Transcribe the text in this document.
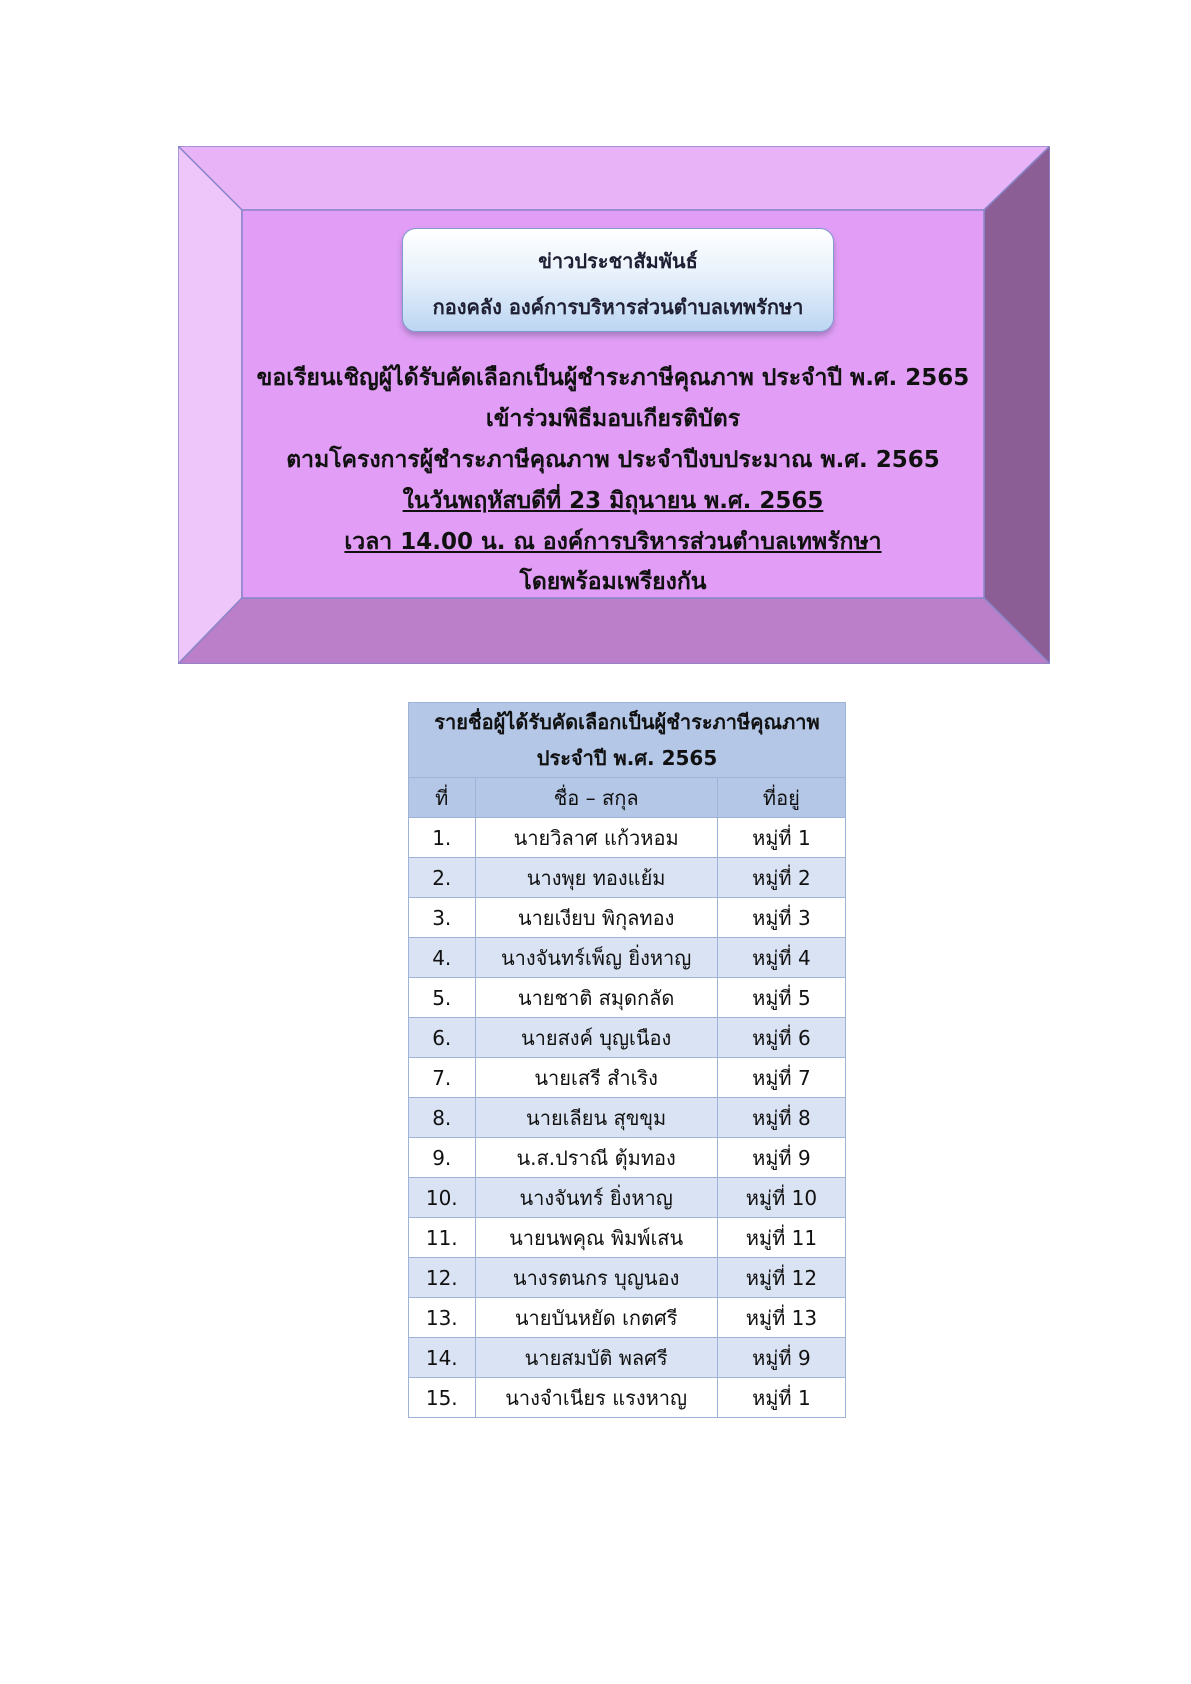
ข่าวประชาสัมพันธ์
กองคลัง องค์การบริหารส่วนตำบลเทพรักษา
ขอเรียนเชิญผู้ได้รับคัดเลือกเป็นผู้ชำระภาษีคุณภาพ ประจำปี พ.ศ. 2565
เข้าร่วมพิธีมอบเกียรติบัตร
ตามโครงการผู้ชำระภาษีคุณภาพ ประจำปีงบประมาณ พ.ศ. 2565
ในวันพฤหัสบดีที่ 23 มิถุนายน พ.ศ. 2565
เวลา 14.00 น. ณ องค์การบริหารส่วนตำบลเทพรักษา
โดยพร้อมเพรียงกัน
รายชื่อผู้ได้รับคัดเลือกเป็นผู้ชำระภาษีคุณภาพ
ประจำปี พ.ศ. 2565		

ที่	ชื่อ – สกุล	ที่อยู่
1.	นายวิลาศ แก้วหอม	หมู่ที่ 1
2.	นางพุย ทองแย้ม	หมู่ที่ 2
3.	นายเงียบ พิกุลทอง	หมู่ที่ 3
4.	นางจันทร์เพ็ญ ยิ่งหาญ	หมู่ที่ 4
5.	นายชาติ สมุดกลัด	หมู่ที่ 5
6.	นายสงค์ บุญเนือง	หมู่ที่ 6
7.	นายเสรี สำเริง	หมู่ที่ 7
8.	นายเลียน สุขขุม	หมู่ที่ 8
9.	น.ส.ปราณี ตุ้มทอง	หมู่ที่ 9
10.	นางจันทร์ ยิ่งหาญ	หมู่ที่ 10
11.	นายนพคุณ พิมพ์เสน	หมู่ที่ 11
12.	นางรตนกร บุญนอง	หมู่ที่ 12
13.	นายบันหยัด เกตศรี	หมู่ที่ 13
14.	นายสมบัติ พลศรี	หมู่ที่ 9
15.	นางจำเนียร แรงหาญ	หมู่ที่ 1
